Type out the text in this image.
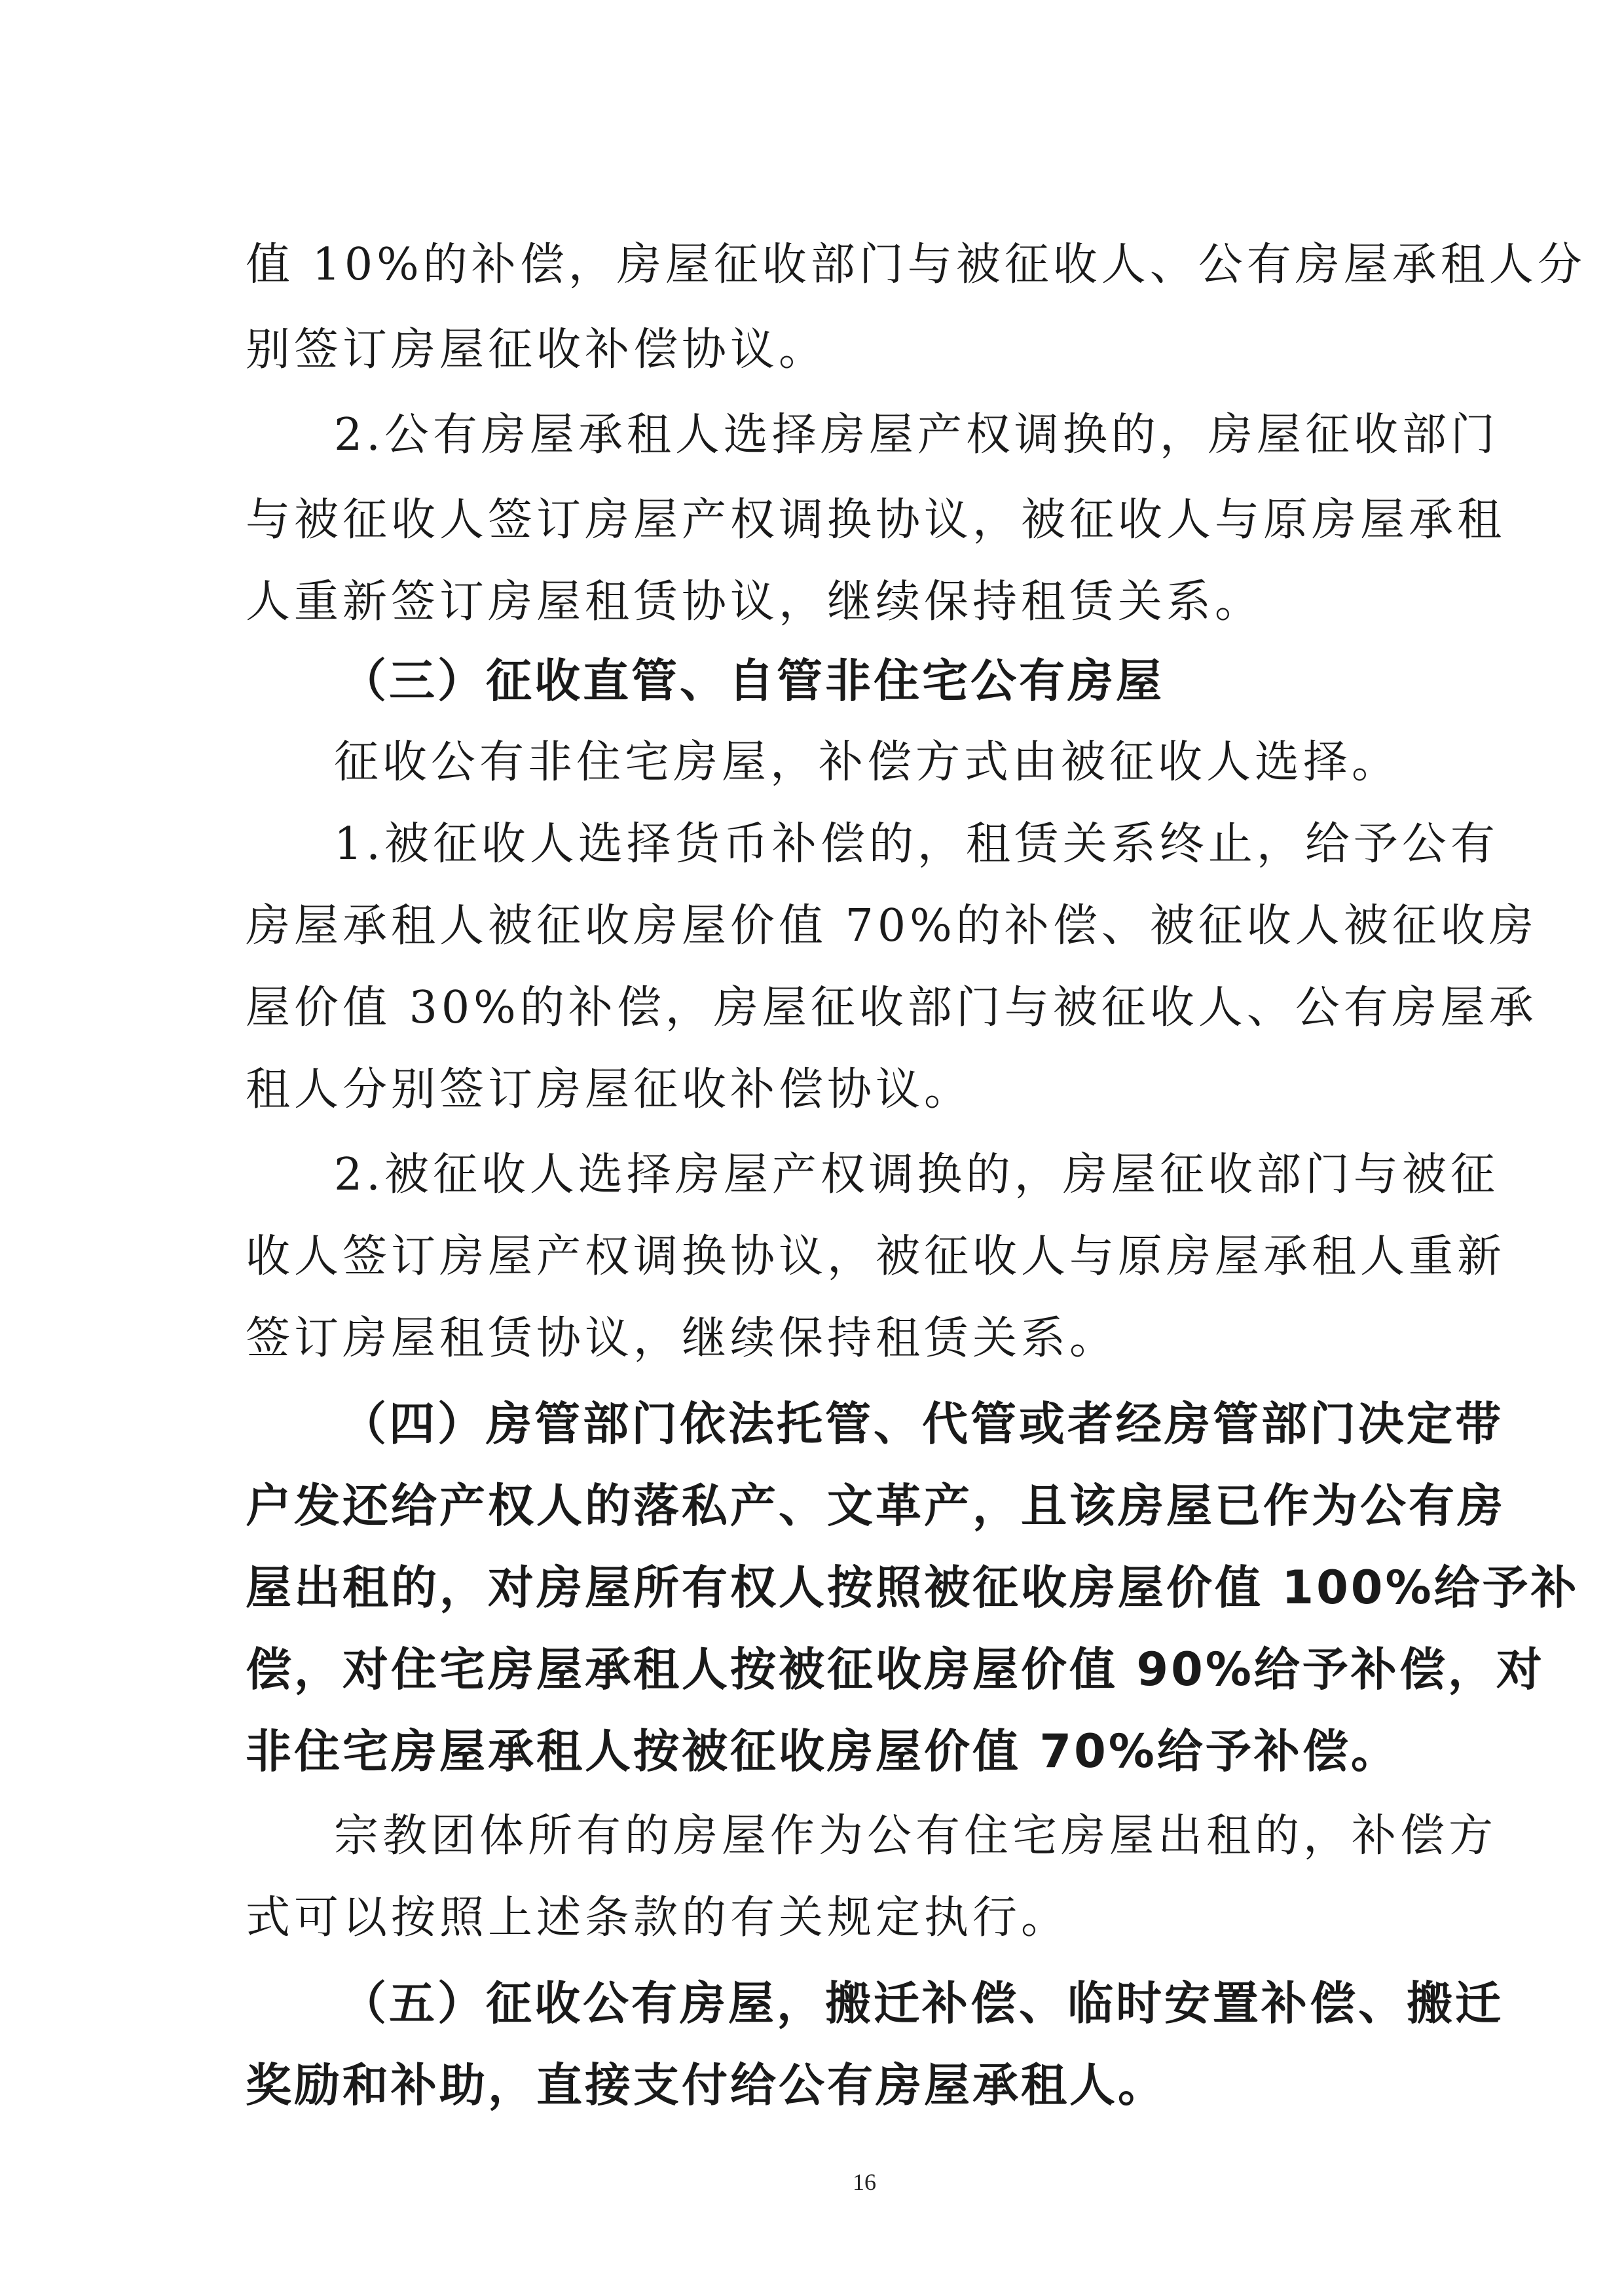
值 10%的补偿，房屋征收部门与被征收人、公有房屋承租人分
别签订房屋征收补偿协议。
2.公有房屋承租人选择房屋产权调换的，房屋征收部门
与被征收人签订房屋产权调换协议，被征收人与原房屋承租
人重新签订房屋租赁协议，继续保持租赁关系。
（三）征收直管、自管非住宅公有房屋
征收公有非住宅房屋，补偿方式由被征收人选择。
1.被征收人选择货币补偿的，租赁关系终止，给予公有
房屋承租人被征收房屋价值 70%的补偿、被征收人被征收房
屋价值 30%的补偿，房屋征收部门与被征收人、公有房屋承
租人分别签订房屋征收补偿协议。
2.被征收人选择房屋产权调换的，房屋征收部门与被征
收人签订房屋产权调换协议，被征收人与原房屋承租人重新
签订房屋租赁协议，继续保持租赁关系。
（四）房管部门依法托管、代管或者经房管部门决定带
户发还给产权人的落私产、文革产，且该房屋已作为公有房
屋出租的，对房屋所有权人按照被征收房屋价值 100%给予补
偿，对住宅房屋承租人按被征收房屋价值 90%给予补偿，对
非住宅房屋承租人按被征收房屋价值 70%给予补偿。
宗教团体所有的房屋作为公有住宅房屋出租的，补偿方
式可以按照上述条款的有关规定执行。
（五）征收公有房屋，搬迁补偿、临时安置补偿、搬迁
奖励和补助，直接支付给公有房屋承租人。
16
